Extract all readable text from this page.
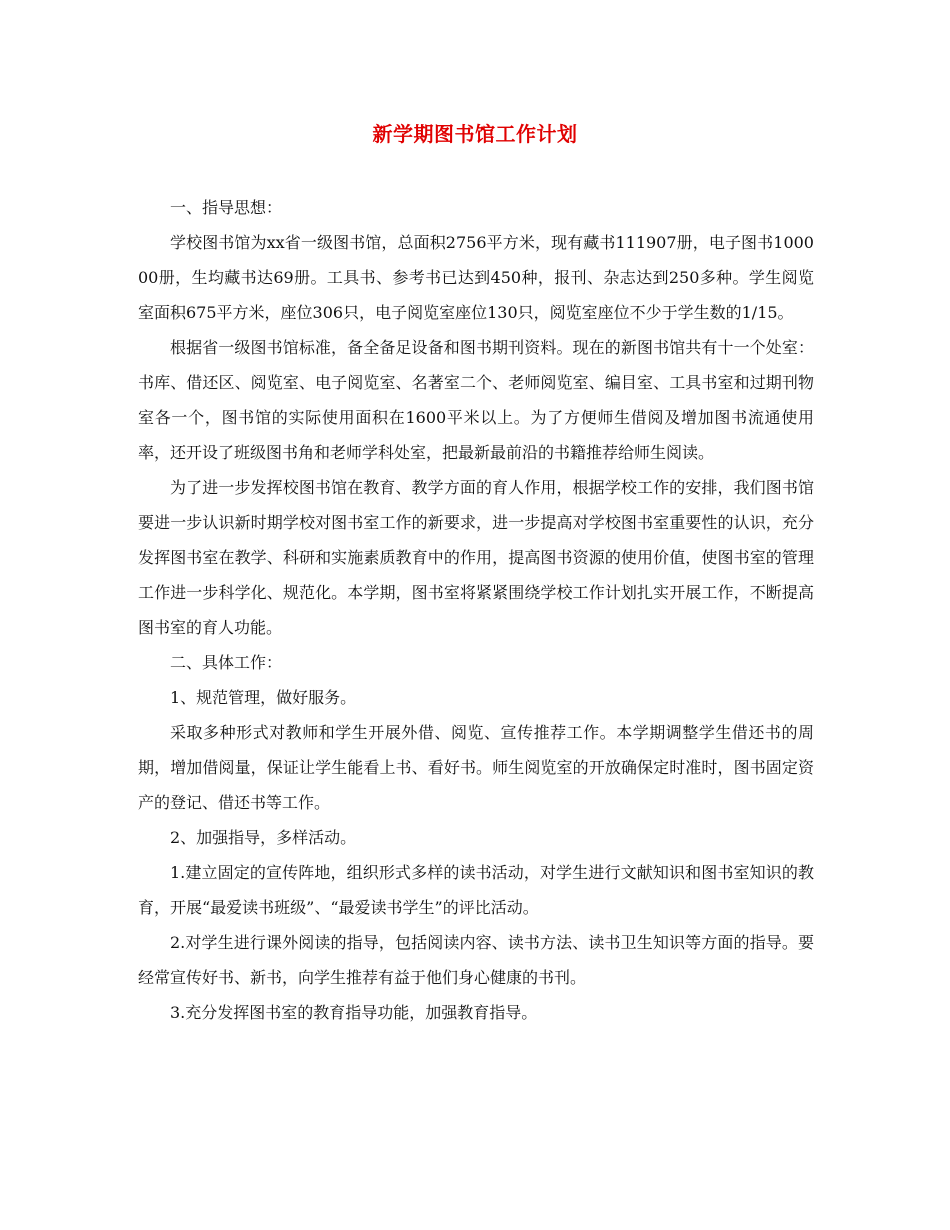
新学期图书馆工作计划

一、指导思想：

学校图书馆为xx省一级图书馆，总面积2756平方米，现有藏书111907册，电子图书100000册，生均藏书达69册。工具书、参考书已达到450种，报刊、杂志达到250多种。学生阅览室面积675平方米，座位306只，电子阅览室座位130只，阅览室座位不少于学生数的1/15。

根据省一级图书馆标准，备全备足设备和图书期刊资料。现在的新图书馆共有十一个处室：书库、借还区、阅览室、电子阅览室、名著室二个、老师阅览室、编目室、工具书室和过期刊物室各一个，图书馆的实际使用面积在1600平米以上。为了方便师生借阅及增加图书流通使用率，还开设了班级图书角和老师学科处室，把最新最前沿的书籍推荐给师生阅读。

为了进一步发挥校图书馆在教育、教学方面的育人作用，根据学校工作的安排，我们图书馆要进一步认识新时期学校对图书室工作的新要求，进一步提高对学校图书室重要性的认识，充分发挥图书室在教学、科研和实施素质教育中的作用，提高图书资源的使用价值，使图书室的管理工作进一步科学化、规范化。本学期，图书室将紧紧围绕学校工作计划扎实开展工作，不断提高图书室的育人功能。

二、具体工作：

1、规范管理，做好服务。

采取多种形式对教师和学生开展外借、阅览、宣传推荐工作。本学期调整学生借还书的周期，增加借阅量，保证让学生能看上书、看好书。师生阅览室的开放确保定时准时，图书固定资产的登记、借还书等工作。

2、加强指导，多样活动。

1.建立固定的宣传阵地，组织形式多样的读书活动，对学生进行文献知识和图书室知识的教育，开展“最爱读书班级”、“最爱读书学生”的评比活动。

2.对学生进行课外阅读的指导，包括阅读内容、读书方法、读书卫生知识等方面的指导。要经常宣传好书、新书，向学生推荐有益于他们身心健康的书刊。

3.充分发挥图书室的教育指导功能，加强教育指导。
